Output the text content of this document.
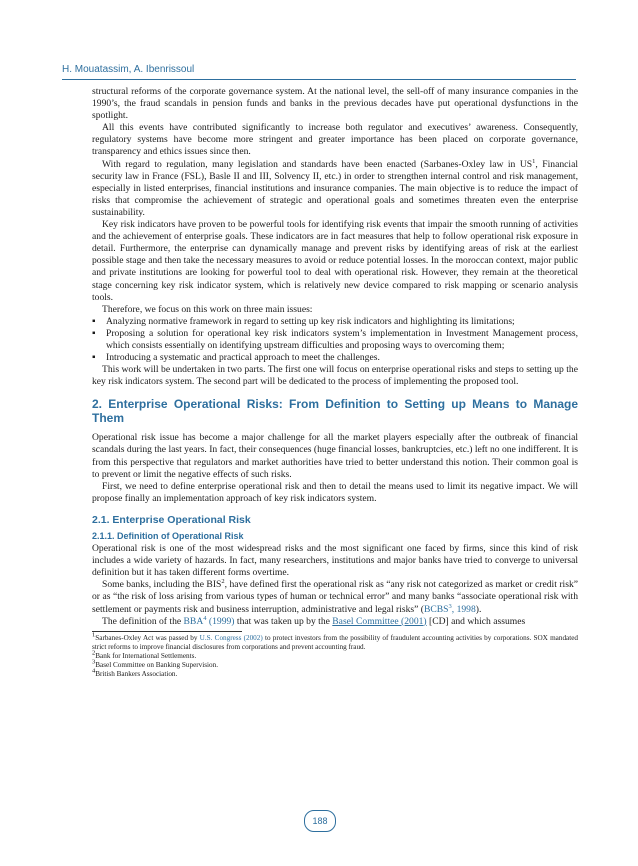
H. Mouatassim, A. Ibenrissoul

structural reforms of the corporate governance system. At the national level, the sell-off of many insurance companies in the 1990’s, the fraud scandals in pension funds and banks in the previous decades have put operational dysfunctions in the spotlight.

All this events have contributed significantly to increase both regulator and executives’ awareness. Consequently, regulatory systems have become more stringent and greater importance has been placed on corporate governance, transparency and ethics issues since then.

With regard to regulation, many legislation and standards have been enacted (Sarbanes-Oxley law in $US^1$, Financial security law in France (FSL), Basle II and III, Solvency II, etc.) in order to strengthen internal control and risk management, especially in listed enterprises, financial institutions and insurance companies. The main objective is to reduce the impact of risks that compromise the achievement of strategic and operational goals and sometimes threaten even the enterprise sustainability.

Key risk indicators have proven to be powerful tools for identifying risk events that impair the smooth running of activities and the achievement of enterprise goals. These indicators are in fact measures that help to follow operational risk exposure in detail. Furthermore, the enterprise can dynamically manage and prevent risks by identifying areas of risk at the earliest possible stage and then take the necessary measures to avoid or reduce potential losses. In the moroccan context, major public and private institutions are looking for powerful tool to deal with operational risk. However, they remain at the theoretical stage concerning key risk indicator system, which is relatively new device compared to risk mapping or scenario analysis tools.

Therefore, we focus on this work on three main issues:

▪ Analyzing normative framework in regard to setting up key risk indicators and highlighting its limitations;
▪ Proposing a solution for operational key risk indicators system’s implementation in Investment Management process, which consists essentially on identifying upstream difficulties and proposing ways to overcoming them;
▪ Introducing a systematic and practical approach to meet the challenges.

This work will be undertaken in two parts. The first one will focus on enterprise operational risks and steps to setting up the key risk indicators system. The second part will be dedicated to the process of implementing the proposed tool.

2. Enterprise Operational Risks: From Definition to Setting up Means to Manage Them

Operational risk issue has become a major challenge for all the market players especially after the outbreak of financial scandals during the last years. In fact, their consequences (huge financial losses, bankruptcies, etc.) left no one indifferent. It is from this perspective that regulators and market authorities have tried to better understand this notion. Their common goal is to prevent or limit the negative effects of such risks.

First, we need to define enterprise operational risk and then to detail the means used to limit its negative impact. We will propose finally an implementation approach of key risk indicators system.

2.1. Enterprise Operational Risk
2.1.1. Definition of Operational Risk

Operational risk is one of the most widespread risks and the most significant one faced by firms, since this kind of risk includes a wide variety of hazards. In fact, many researchers, institutions and major banks have tried to converge to universal definition but it has taken different forms overtime.

Some banks, including the BIS$^2$, have defined first the operational risk as “any risk not categorized as market or credit risk” or as “the risk of loss arising from various types of human or technical error” and many banks “associate operational risk with settlement or payments risk and business interruption, administrative and legal risks” (BCBS$^3$, 1998).

The definition of the BBA$^4$ (1999) that was taken up by the Basel Committee (2001) [CD] and which assumes

$^1$Sarbanes-Oxley Act was passed by U.S. Congress (2002) to protect investors from the possibility of fraudulent accounting activities by corporations. SOX mandated strict reforms to improve financial disclosures from corporations and prevent accounting fraud.

$^2$Bank for International Settlements.

$^3$Basel Committee on Banking Supervision.

$^4$British Bankers Association.

188
